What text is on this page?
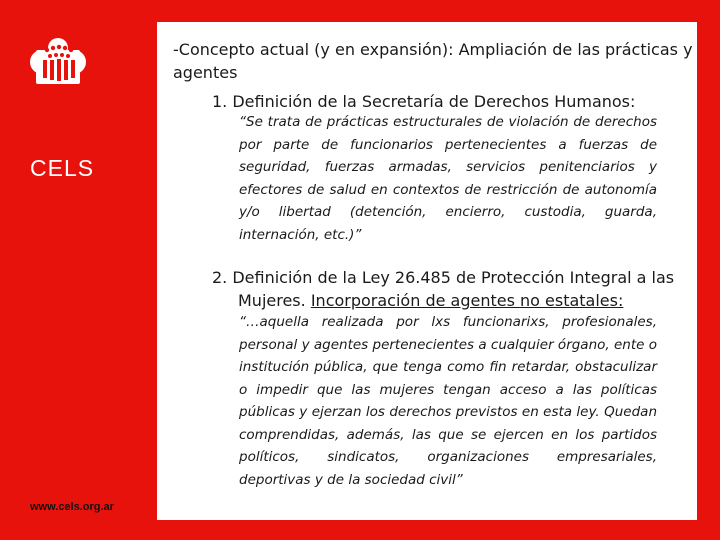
CELS
www.cels.org.ar

-Concepto actual (y en expansión): Ampliación de las prácticas y agentes

1. Definición de la Secretaría de Derechos Humanos:

“Se trata de prácticas estructurales de violación de derechos por parte de funcionarios pertenecientes a fuerzas de seguridad, fuerzas armadas, servicios penitenciarios y efectores de salud en contextos de restricción de autonomía y/o libertad (detención, encierro, custodia, guarda, internación, etc.)”

2. Definición de la Ley 26.485 de Protección Integral a las Mujeres. Incorporación de agentes no estatales:

“…aquella realizada por lxs funcionarixs, profesionales, personal y agentes pertenecientes a cualquier órgano, ente o institución pública, que tenga como fin retardar, obstaculizar o impedir que las mujeres tengan acceso a las políticas públicas y ejerzan los derechos previstos en esta ley. Quedan comprendidas, además, las que se ejercen en los partidos políticos, sindicatos, organizaciones empresariales, deportivas y de la sociedad civil”
